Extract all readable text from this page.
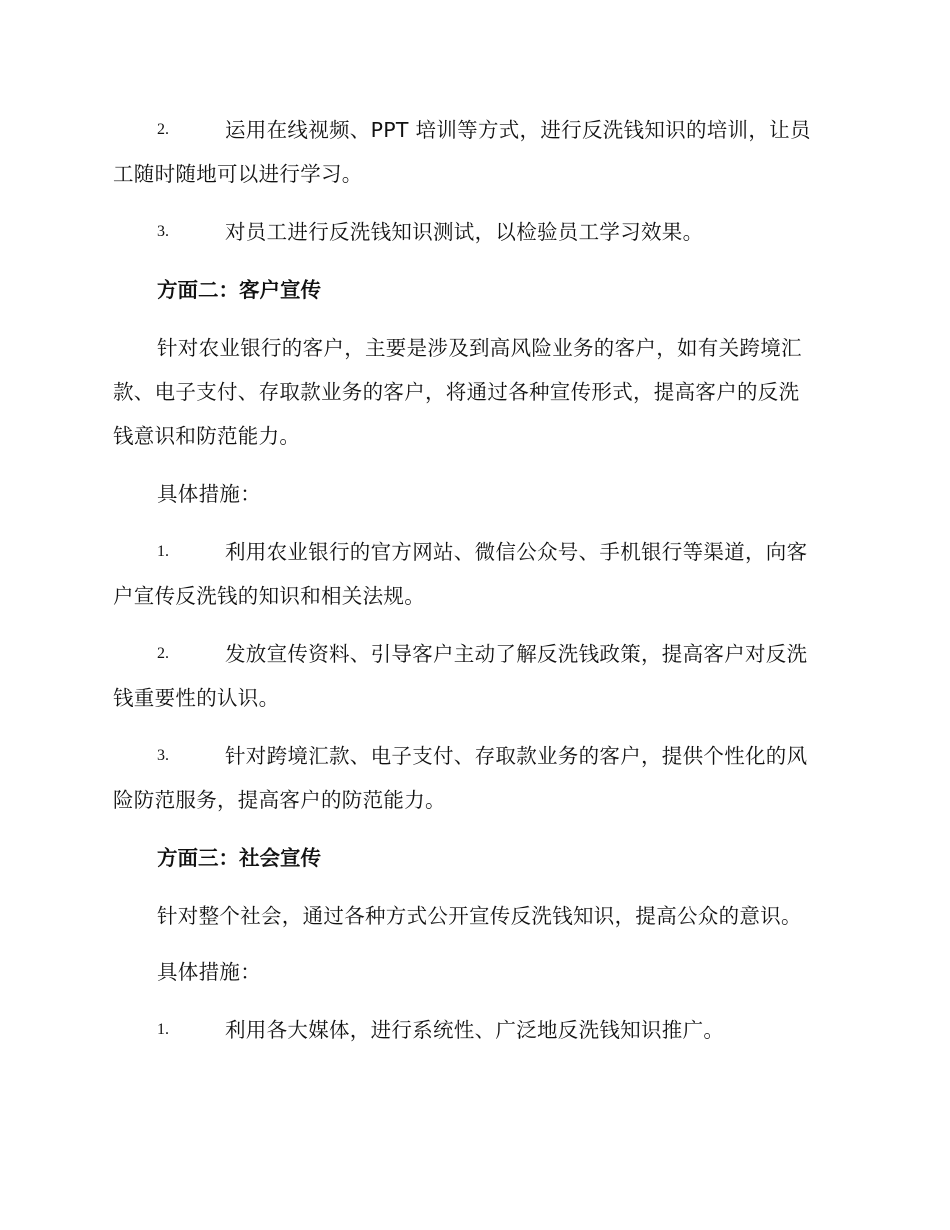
2.	运用在线视频、PPT 培训等方式，进行反洗钱知识的培训，让员
工随时随地可以进行学习。
3.	对员工进行反洗钱知识测试，以检验员工学习效果。
方面二：客户宣传
针对农业银行的客户，主要是涉及到高风险业务的客户，如有关跨境汇
款、电子支付、存取款业务的客户，将通过各种宣传形式，提高客户的反洗
钱意识和防范能力。
具体措施：
1.	利用农业银行的官方网站、微信公众号、手机银行等渠道，向客
户宣传反洗钱的知识和相关法规。
2.	发放宣传资料、引导客户主动了解反洗钱政策，提高客户对反洗
钱重要性的认识。
3.	针对跨境汇款、电子支付、存取款业务的客户，提供个性化的风
险防范服务，提高客户的防范能力。
方面三：社会宣传
针对整个社会，通过各种方式公开宣传反洗钱知识，提高公众的意识。
具体措施：
1.	利用各大媒体，进行系统性、广泛地反洗钱知识推广。
